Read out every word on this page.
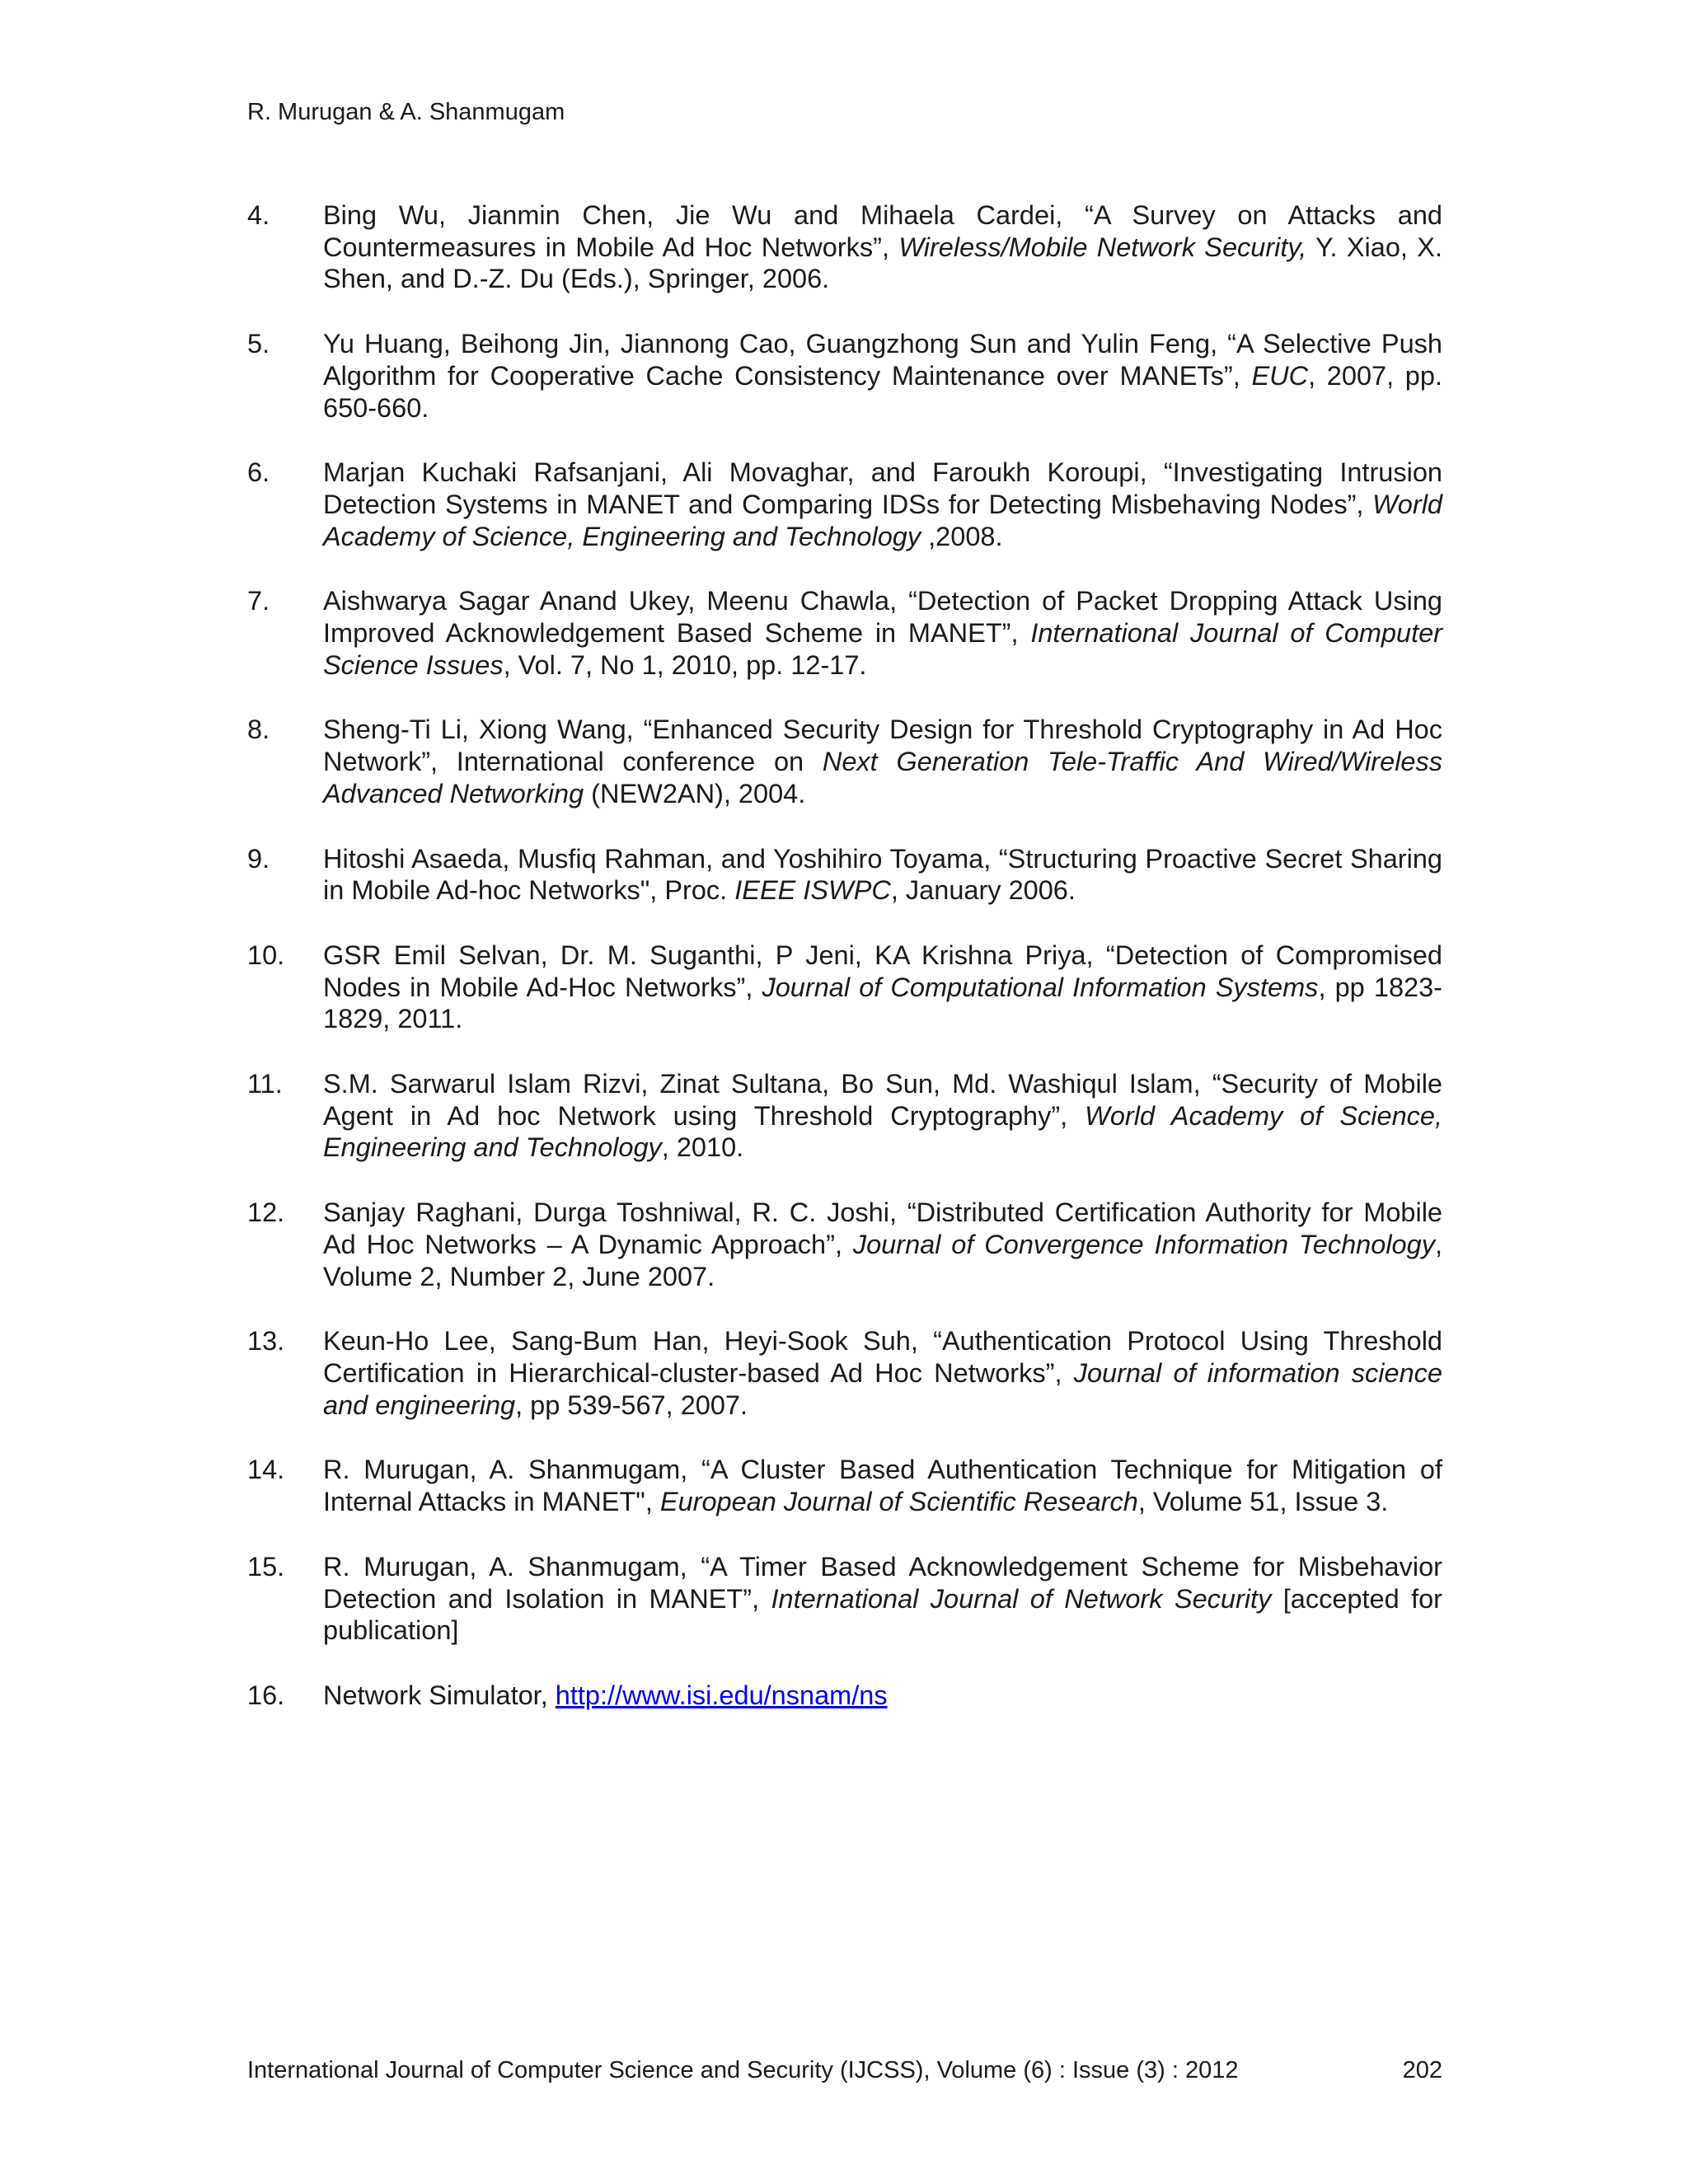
R. Murugan & A. Shanmugam
4. Bing Wu, Jianmin Chen, Jie Wu and Mihaela Cardei, “A Survey on Attacks and Countermeasures in Mobile Ad Hoc Networks”, Wireless/Mobile Network Security, Y. Xiao, X. Shen, and D.-Z. Du (Eds.), Springer, 2006.
5. Yu Huang, Beihong Jin, Jiannong Cao, Guangzhong Sun and Yulin Feng, “A Selective Push Algorithm for Cooperative Cache Consistency Maintenance over MANETs”, EUC, 2007, pp. 650-660.
6. Marjan Kuchaki Rafsanjani, Ali Movaghar, and Faroukh Koroupi, “Investigating Intrusion Detection Systems in MANET and Comparing IDSs for Detecting Misbehaving Nodes”, World Academy of Science, Engineering and Technology ,2008.
7. Aishwarya Sagar Anand Ukey, Meenu Chawla, “Detection of Packet Dropping Attack Using Improved Acknowledgement Based Scheme in MANET”, International Journal of Computer Science Issues, Vol. 7, No 1, 2010, pp. 12-17.
8. Sheng-Ti Li, Xiong Wang, “Enhanced Security Design for Threshold Cryptography in Ad Hoc Network”, International conference on Next Generation Tele-Traffic And Wired/Wireless Advanced Networking (NEW2AN), 2004.
9. Hitoshi Asaeda, Musfiq Rahman, and Yoshihiro Toyama, “Structuring Proactive Secret Sharing in Mobile Ad-hoc Networks", Proc. IEEE ISWPC, January 2006.
10. GSR Emil Selvan, Dr. M. Suganthi, P Jeni, KA Krishna Priya, “Detection of Compromised Nodes in Mobile Ad-Hoc Networks”, Journal of Computational Information Systems, pp 1823-1829, 2011.
11. S.M. Sarwarul Islam Rizvi, Zinat Sultana, Bo Sun, Md. Washiqul Islam, “Security of Mobile Agent in Ad hoc Network using Threshold Cryptography”, World Academy of Science, Engineering and Technology, 2010.
12. Sanjay Raghani, Durga Toshniwal, R. C. Joshi, “Distributed Certification Authority for Mobile Ad Hoc Networks – A Dynamic Approach”, Journal of Convergence Information Technology, Volume 2, Number 2, June 2007.
13. Keun-Ho Lee, Sang-Bum Han, Heyi-Sook Suh, “Authentication Protocol Using Threshold Certification in Hierarchical-cluster-based Ad Hoc Networks”, Journal of information science and engineering, pp 539-567, 2007.
14. R. Murugan, A. Shanmugam, “A Cluster Based Authentication Technique for Mitigation of Internal Attacks in MANET", European Journal of Scientific Research, Volume 51, Issue 3.
15. R. Murugan, A. Shanmugam, “A Timer Based Acknowledgement Scheme for Misbehavior Detection and Isolation in MANET”, International Journal of Network Security [accepted for publication]
16. Network Simulator, http://www.isi.edu/nsnam/ns
International Journal of Computer Science and Security (IJCSS), Volume (6) : Issue (3) : 2012	202
